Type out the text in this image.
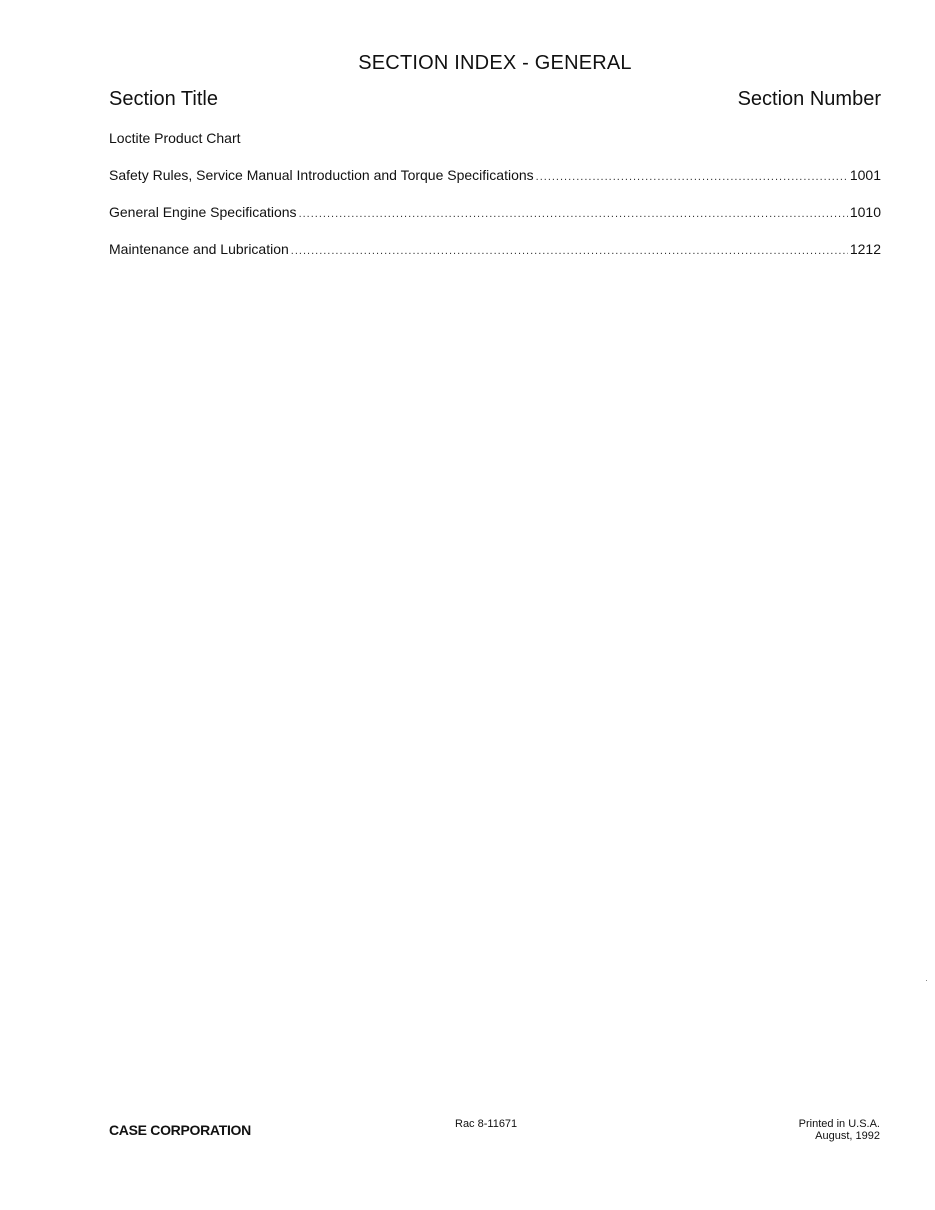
SECTION INDEX - GENERAL
Section Title	Section Number
Loctite Product Chart
Safety Rules, Service Manual Introduction and Torque Specifications .....	1001
General Engine Specifications .....	1010
Maintenance and Lubrication .....	1212
CASE CORPORATION	Rac 8-11671	Printed in U.S.A.
August, 1992
